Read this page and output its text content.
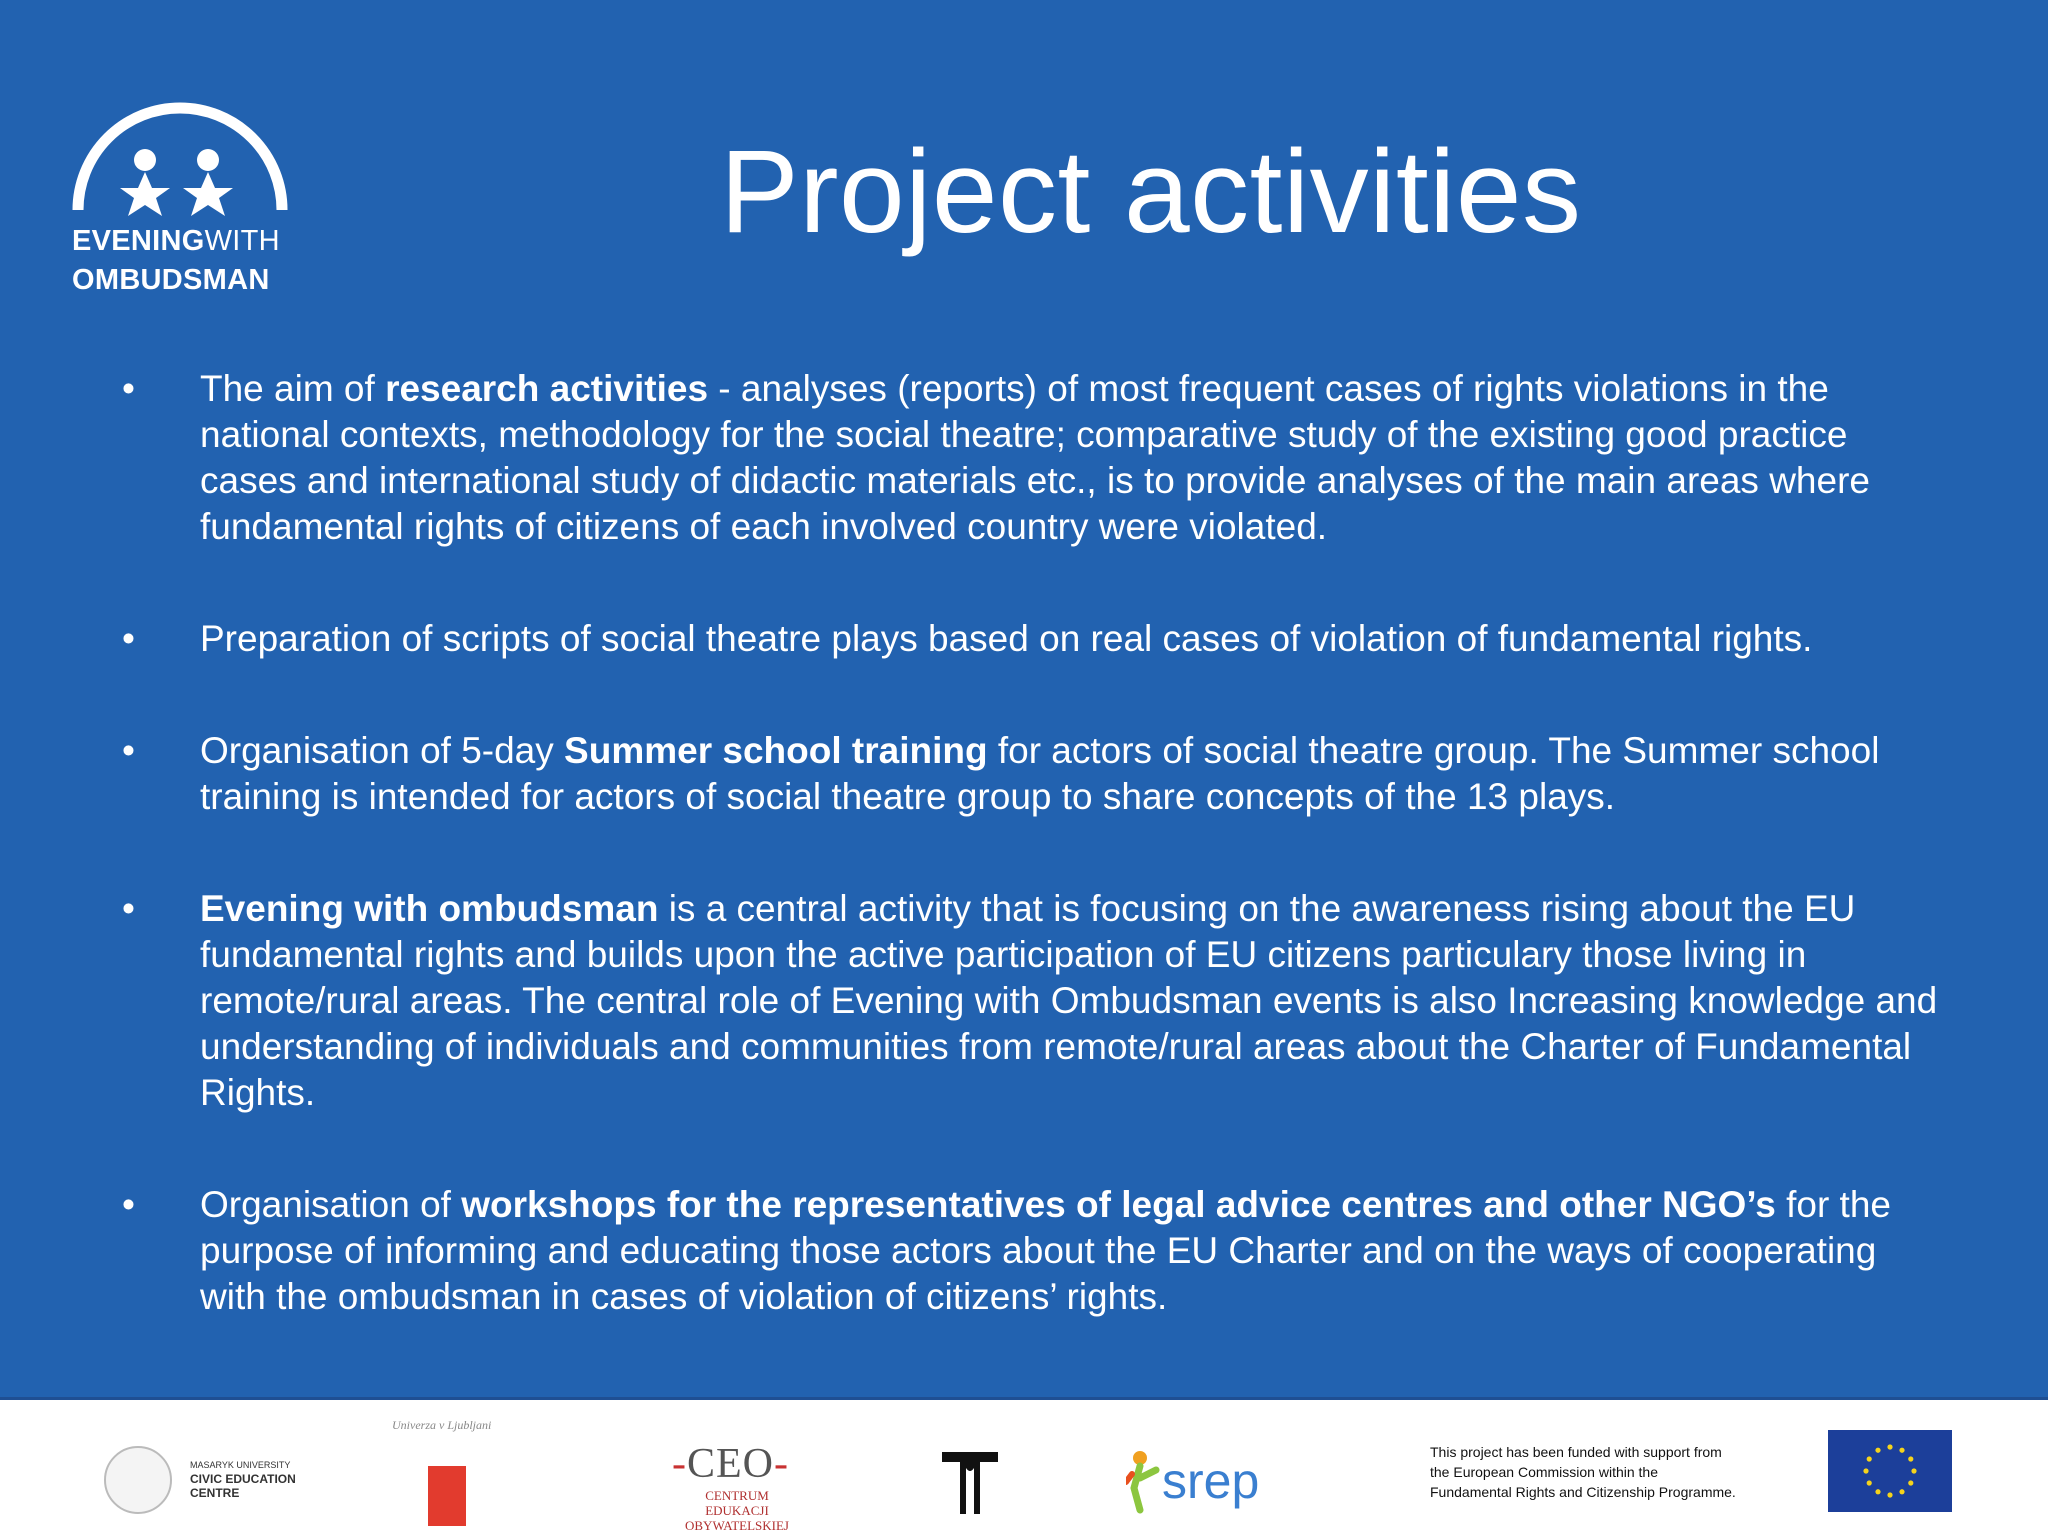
EVENINGWITH
OMBUDSMAN
Project activities
•	The aim of research activities - analyses (reports) of most frequent cases of rights violations in the national contexts, methodology for the social theatre; comparative study of the existing good practice cases and international study of didactic materials etc., is to provide analyses of the main areas where fundamental rights of citizens of each involved country were violated.
•	Preparation of scripts of social theatre plays based on real cases of violation of fundamental rights.
•	Organisation of 5-day Summer school training for actors of social theatre group. The Summer school training is intended for actors of social theatre group to share concepts of the 13 plays.
•	Evening with ombudsman is a central activity that is focusing on the awareness rising about the EU fundamental rights and builds upon the active participation of EU citizens particulary those living in remote/rural areas. The central role of Evening with Ombudsman events is also Increasing knowledge and understanding of individuals and communities from remote/rural areas about the Charter of Fundamental Rights.
•	Organisation of workshops for the representatives of legal advice centres and other NGO’s for the purpose of informing and educating those actors about the EU Charter and on the ways of cooperating with the ombudsman in cases of violation of citizens’ rights.
MASARYK UNIVERSITY
CIVIC EDUCATION
CENTRE
Univerza v Ljubljani
-CEO-
CENTRUM EDUKACJI
OBYWATELSKIEJ
srep
This project has been funded with support from
the European Commission within the
Fundamental Rights and Citizenship Programme.
